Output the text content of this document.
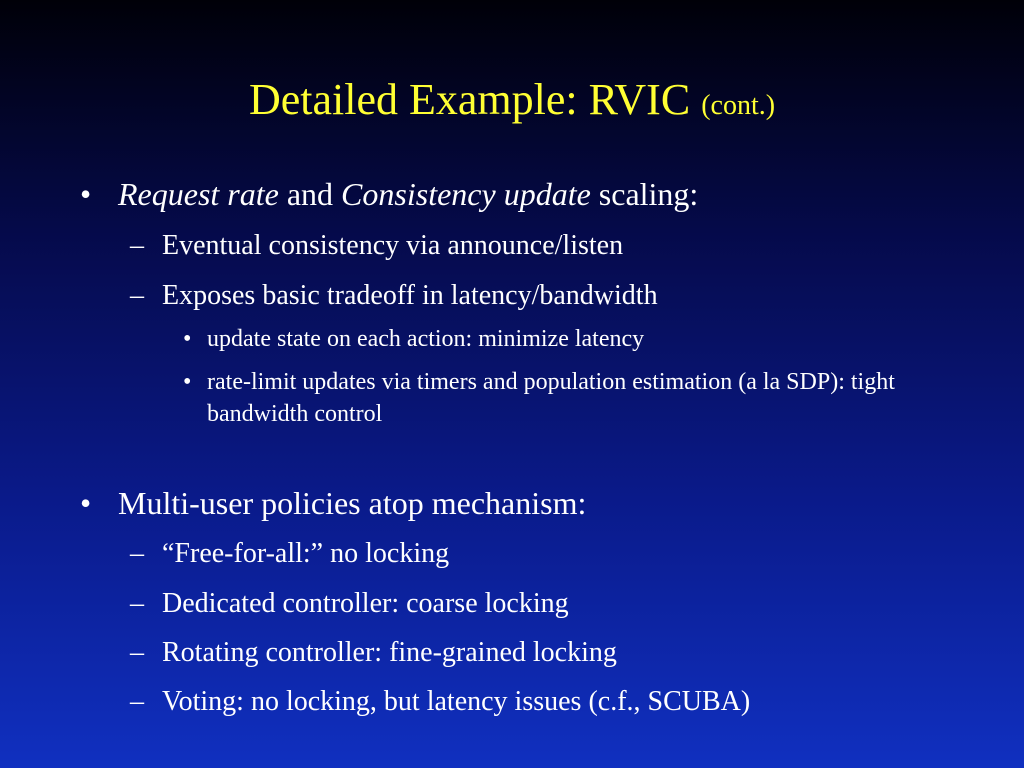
Detailed Example: RVIC (cont.)
• Request rate and Consistency update scaling:
– Eventual consistency via announce/listen
– Exposes basic tradeoff in latency/bandwidth
• update state on each action: minimize latency
• rate-limit updates via timers and population estimation (a la SDP): tight bandwidth control
• Multi-user policies atop mechanism:
– “Free-for-all:” no locking
– Dedicated controller: coarse locking
– Rotating controller: fine-grained locking
– Voting: no locking, but latency issues (c.f., SCUBA)
